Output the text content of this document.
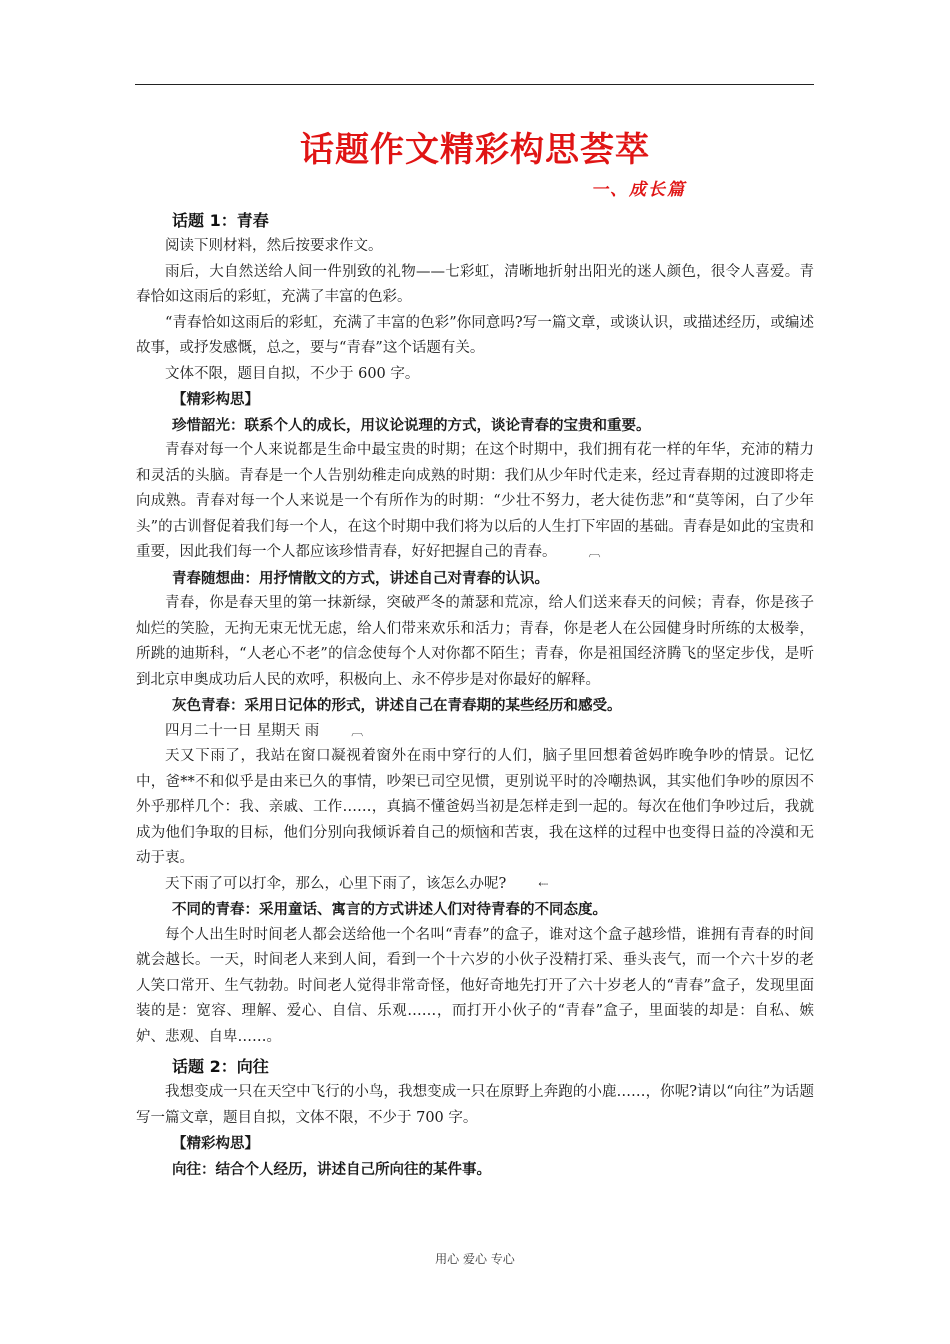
话题作文精彩构思荟萃
一、成长篇
话题 1：青春

阅读下则材料，然后按要求作文。

雨后，大自然送给人间一件别致的礼物——七彩虹，清晰地折射出阳光的迷人颜色，很令人喜爱。青春恰如这雨后的彩虹，充满了丰富的色彩。

“青春恰如这雨后的彩虹，充满了丰富的色彩”你同意吗?写一篇文章，或谈认识，或描述经历，或编述故事，或抒发感慨，总之，要与“青春”这个话题有关。

文体不限，题目自拟，不少于 600 字。

【精彩构思】
珍惜韶光：联系个人的成长，用议论说理的方式，谈论青春的宝贵和重要。

青春对每一个人来说都是生命中最宝贵的时期；在这个时期中，我们拥有花一样的年华，充沛的精力和灵活的头脑。青春是一个人告别幼稚走向成熟的时期：我们从少年时代走来，经过青春期的过渡即将走向成熟。青春对每一个人来说是一个有所作为的时期：“少壮不努力，老大徒伤悲”和“莫等闲，白了少年头”的古训督促着我们每一个人，在这个时期中我们将为以后的人生打下牢固的基础。青春是如此的宝贵和重要，因此我们每一个人都应该珍惜青春，好好把握自己的青春。	︹

青春随想曲：用抒情散文的方式，讲述自己对青春的认识。

青春，你是春天里的第一抹新绿，突破严冬的萧瑟和荒凉，给人们送来春天的问候；青春，你是孩子灿烂的笑脸，无拘无束无忧无虑，给人们带来欢乐和活力；青春，你是老人在公园健身时所练的太极拳，所跳的迪斯科，“人老心不老”的信念使每个人对你都不陌生；青春，你是祖国经济腾飞的坚定步伐，是听到北京申奥成功后人民的欢呼，积极向上、永不停步是对你最好的解释。

灰色青春：采用日记体的形式，讲述自己在青春期的某些经历和感受。

四月二十一日 星期天 雨	︹

天又下雨了，我站在窗口凝视着窗外在雨中穿行的人们，脑子里回想着爸妈昨晚争吵的情景。记忆中，爸**不和似乎是由来已久的事情，吵架已司空见惯，更别说平时的冷嘲热讽，其实他们争吵的原因不外乎那样几个：我、亲戚、工作……，真搞不懂爸妈当初是怎样走到一起的。每次在他们争吵过后，我就成为他们争取的目标，他们分别向我倾诉着自己的烦恼和苦衷，我在这样的过程中也变得日益的冷漠和无动于衷。

天下雨了可以打伞，那么，心里下雨了，该怎么办呢?	⇠

不同的青春：采用童话、寓言的方式讲述人们对待青春的不同态度。

每个人出生时时间老人都会送给他一个名叫“青春”的盒子，谁对这个盒子越珍惜，谁拥有青春的时间就会越长。一天，时间老人来到人间，看到一个十六岁的小伙子没精打采、垂头丧气，而一个六十岁的老人笑口常开、生气勃勃。时间老人觉得非常奇怪，他好奇地先打开了六十岁老人的“青春”盒子，发现里面装的是：宽容、理解、爱心、自信、乐观……，而打开小伙子的“青春”盒子，里面装的却是：自私、嫉妒、悲观、自卑……。

话题 2：向往

我想变成一只在天空中飞行的小鸟，我想变成一只在原野上奔跑的小鹿……，你呢?请以“向往”为话题写一篇文章，题目自拟，文体不限，不少于 700 字。

【精彩构思】
向往：结合个人经历，讲述自己所向往的某件事。
用心 爱心 专心
